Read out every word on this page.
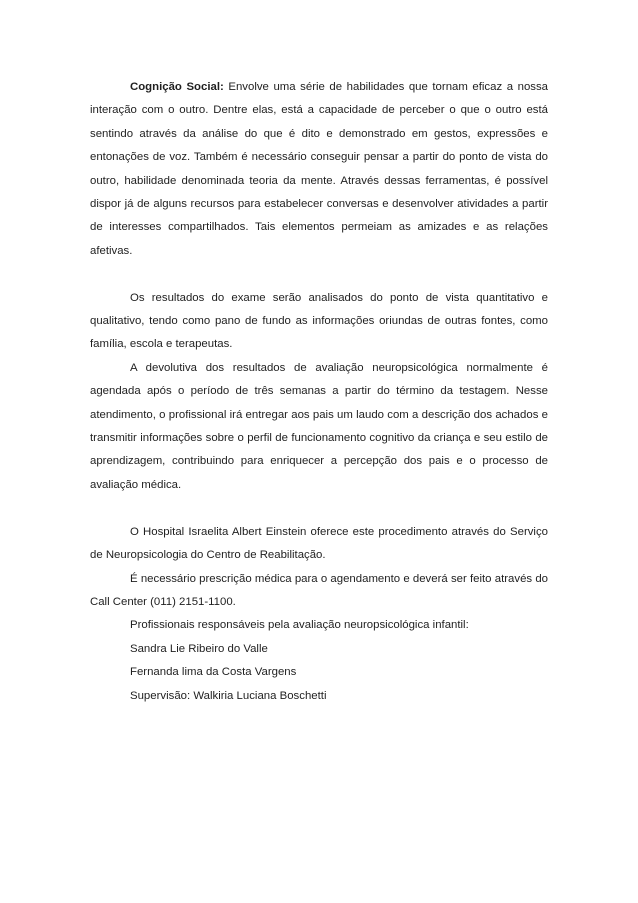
Cognição Social: Envolve uma série de habilidades que tornam eficaz a nossa interação com o outro. Dentre elas, está a capacidade de perceber o que o outro está sentindo através da análise do que é dito e demonstrado em gestos, expressões e entonações de voz. Também é necessário conseguir pensar a partir do ponto de vista do outro, habilidade denominada teoria da mente. Através dessas ferramentas, é possível dispor já de alguns recursos para estabelecer conversas e desenvolver atividades a partir de interesses compartilhados. Tais elementos permeiam as amizades e as relações afetivas.

Os resultados do exame serão analisados do ponto de vista quantitativo e qualitativo, tendo como pano de fundo as informações oriundas de outras fontes, como família, escola e terapeutas.

A devolutiva dos resultados de avaliação neuropsicológica normalmente é agendada após o período de três semanas a partir do término da testagem. Nesse atendimento, o profissional irá entregar aos pais um laudo com a descrição dos achados e transmitir informações sobre o perfil de funcionamento cognitivo da criança e seu estilo de aprendizagem, contribuindo para enriquecer a percepção dos pais e o processo de avaliação médica.

O Hospital Israelita Albert Einstein oferece este procedimento através do Serviço de Neuropsicologia do Centro de Reabilitação.

É necessário prescrição médica para o agendamento e deverá ser feito através do Call Center (011) 2151-1100.

Profissionais responsáveis pela avaliação neuropsicológica infantil:

Sandra Lie Ribeiro do Valle

Fernanda lima da Costa Vargens

Supervisão: Walkiria Luciana Boschetti
